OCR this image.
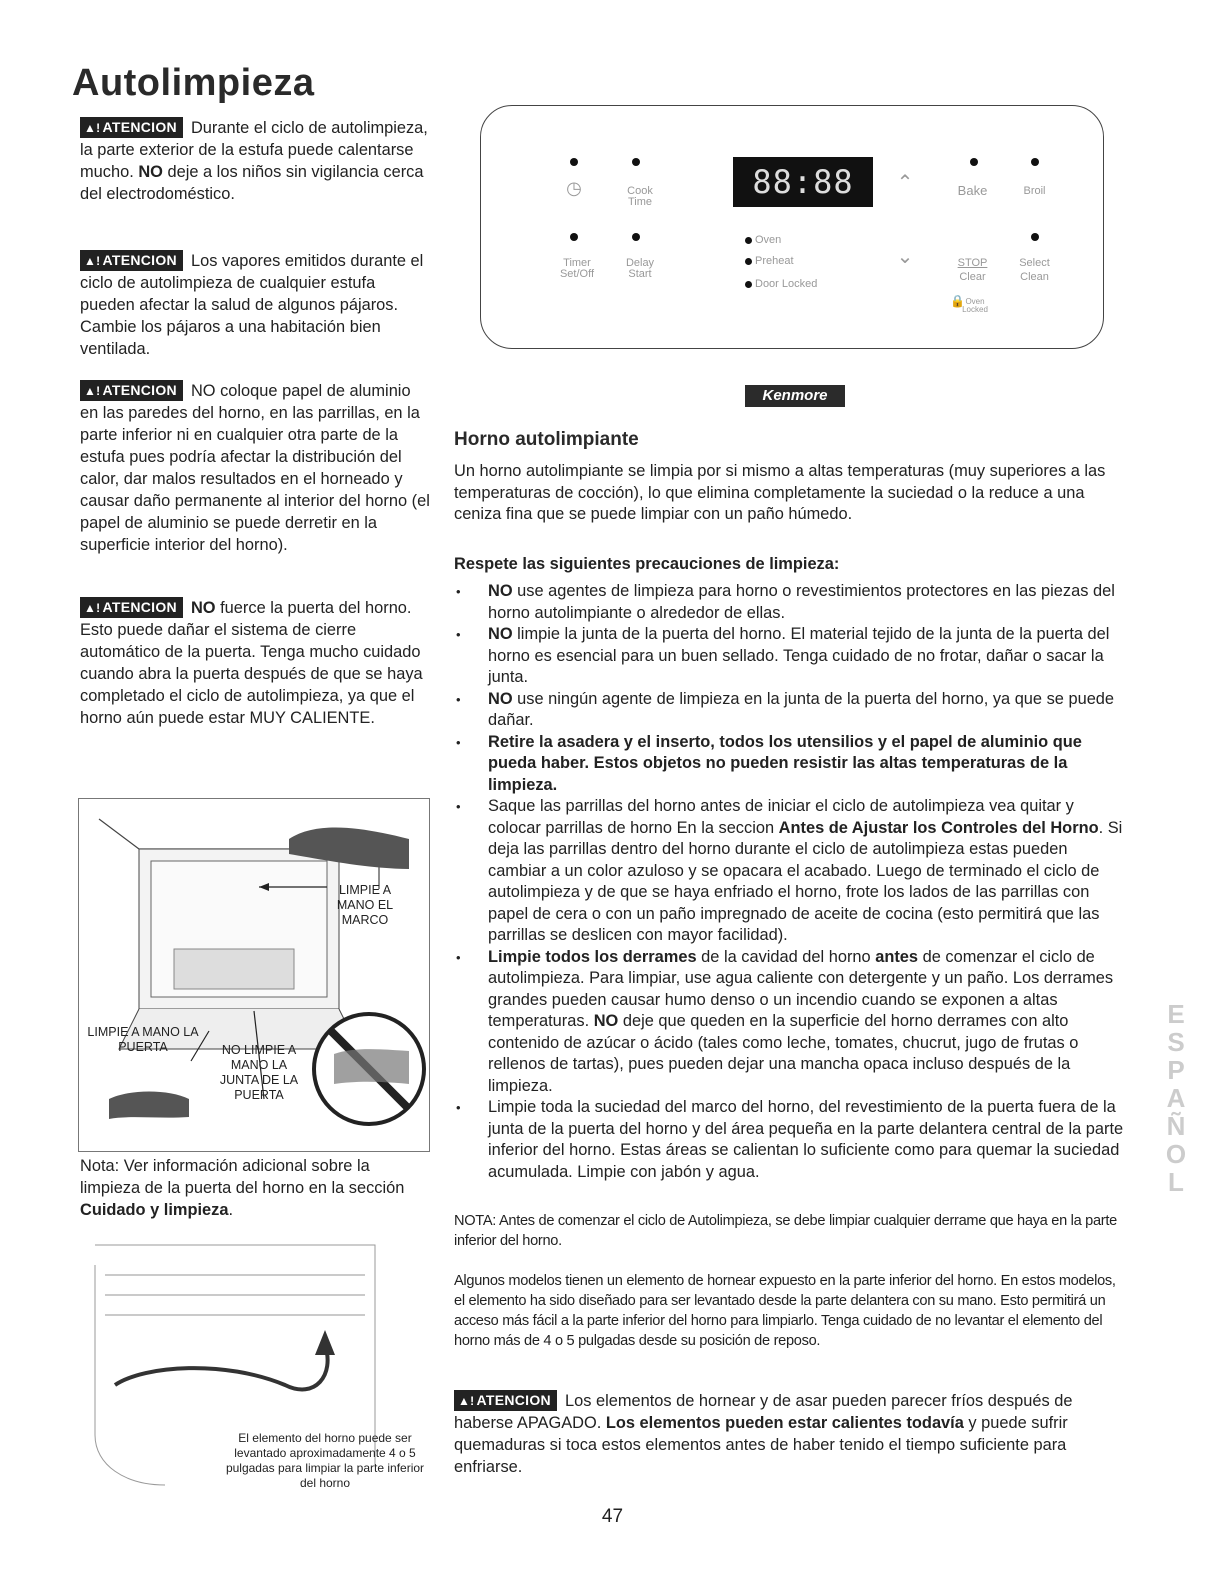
Autolimpieza
▲! ATENCION Durante el ciclo de autolimpieza, la parte exterior de la estufa puede calentarse mucho. NO deje a los niños sin vigilancia cerca del electrodoméstico.
▲! ATENCION Los vapores emitidos durante el ciclo de autolimpieza de cualquier estufa pueden afectar la salud de algunos pájaros. Cambie los pájaros a una habitación bien ventilada.
▲! ATENCION NO coloque papel de aluminio en las paredes del horno, en las parrillas, en la parte inferior ni en cualquier otra parte de la estufa pues podría afectar la distribución del calor, dar malos resultados en el horneado y causar daño permanente al interior del horno (el papel de aluminio se puede derretir en la superficie interior del horno).
▲! ATENCION NO fuerce la puerta del horno. Esto puede dañar el sistema de cierre automático de la puerta. Tenga mucho cuidado cuando abra la puerta después de que se haya completado el ciclo de autolimpieza, ya que el horno aún puede estar MUY CALIENTE.
LIMPIE A MANO EL MARCO
LIMPIE A MANO LA PUERTA	NO LIMPIE A MANO LA JUNTA DE LA PUERTA
Nota: Ver información adicional sobre la limpieza de la puerta del horno en la sección Cuidado y limpieza.
El elemento del horno puede ser levantado aproximadamente 4 o 5 pulgadas para limpiar la parte inferior del horno
◷	Cook Time
88:88	⌃	Bake	Broil
Timer Set/Off
Delay Start
Oven
Preheat
Door Locked
⌄	STOP
Clear
Select
Clean
🔒 Oven Locked
Kenmore
Horno autolimpiante
Un horno autolimpiante se limpia por si mismo a altas temperaturas (muy superiores a las temperaturas de cocción), lo que elimina completamente la suciedad o la reduce a una ceniza fina que se puede limpiar con un paño húmedo.
Respete las siguientes precauciones de limpieza:
• NO use agentes de limpieza para horno o revestimientos protectores en las piezas del horno autolimpiante o alrededor de ellas.
• NO limpie la junta de la puerta del horno. El material tejido de la junta de la puerta del horno es esencial para un buen sellado. Tenga cuidado de no frotar, dañar o sacar la junta.
• NO use ningún agente de limpieza en la junta de la puerta del horno, ya que se puede dañar.
• Retire la asadera y el inserto, todos los utensilios y el papel de aluminio que pueda haber. Estos objetos no pueden resistir las altas temperaturas de la limpieza.
• Saque las parrillas del horno antes de iniciar el ciclo de autolimpieza vea quitar y colocar parrillas de horno En la seccion Antes de Ajustar los Controles del Horno. Si deja las parrillas dentro del horno durante el ciclo de autolimpieza estas pueden cambiar a un color azuloso y se opacara el acabado. Luego de terminado el ciclo de autolimpieza y de que se haya enfriado el horno, frote los lados de las parrillas con papel de cera o con un paño impregnado de aceite de cocina (esto permitirá que las parrillas se deslicen con mayor facilidad).
• Limpie todos los derrames de la cavidad del horno antes de comenzar el ciclo de autolimpieza. Para limpiar, use agua caliente con detergente y un paño. Los derrames grandes pueden causar humo denso o un incendio cuando se exponen a altas temperaturas. NO deje que queden en la superficie del horno derrames con alto contenido de azúcar o ácido (tales como leche, tomates, chucrut, jugo de frutas o rellenos de tartas), pues pueden dejar una mancha opaca incluso después de la limpieza.
• Limpie toda la suciedad del marco del horno, del revestimiento de la puerta fuera de la junta de la puerta del horno y del área pequeña en la parte delantera central de la parte inferior del horno. Estas áreas se calientan lo suficiente como para quemar la suciedad acumulada. Limpie con jabón y agua.
NOTA: Antes de comenzar el ciclo de Autolimpieza, se debe limpiar cualquier derrame que haya en la parte inferior del horno.
Algunos modelos tienen un elemento de hornear expuesto en la parte inferior del horno. En estos modelos, el elemento ha sido diseñado para ser levantado desde la parte delantera con su mano. Esto permitirá un acceso más fácil a la parte inferior del horno para limpiarlo. Tenga cuidado de no levantar el elemento del horno más de 4 o 5 pulgadas desde su posición de reposo.
▲! ATENCION Los elementos de hornear y de asar pueden parecer fríos después de haberse APAGADO. Los elementos pueden estar calientes todavía y puede sufrir quemaduras si toca estos elementos antes de haber tenido el tiempo suficiente para enfriarse.
ESPAÑOL
47
